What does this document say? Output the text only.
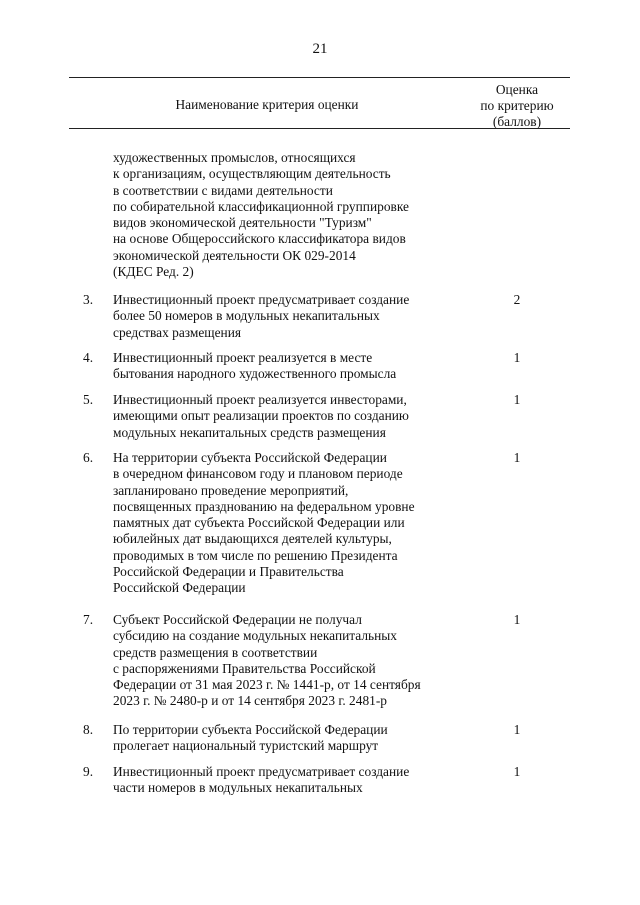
21
Наименование критерия оценки
Оценка
по критерию
(баллов)
художественных промыслов, относящихся
к организациям, осуществляющим деятельность
в соответствии с видами деятельности
по собирательной классификационной группировке
видов экономической деятельности "Туризм"
на основе Общероссийского классификатора видов
экономической деятельности ОК 029-2014
(КДЕС Ред. 2)
3. Инвестиционный проект предусматривает создание
более 50 номеров в модульных некапитальных
средствах размещения
2
4. Инвестиционный проект реализуется в месте
бытования народного художественного промысла
1
5. Инвестиционный проект реализуется инвесторами,
имеющими опыт реализации проектов по созданию
модульных некапитальных средств размещения
1
6. На территории субъекта Российской Федерации
в очередном финансовом году и плановом периоде
запланировано проведение мероприятий,
посвященных празднованию на федеральном уровне
памятных дат субъекта Российской Федерации или
юбилейных дат выдающихся деятелей культуры,
проводимых в том числе по решению Президента
Российской Федерации и Правительства
Российской Федерации
1
7. Субъект Российской Федерации не получал
субсидию на создание модульных некапитальных
средств размещения в соответствии
с распоряжениями Правительства Российской
Федерации от 31 мая 2023 г. № 1441-р, от 14 сентября
2023 г. № 2480-р и от 14 сентября 2023 г. 2481-р
1
8. По территории субъекта Российской Федерации
пролегает национальный туристский маршрут
1
9. Инвестиционный проект предусматривает создание
части номеров в модульных некапитальных
1
